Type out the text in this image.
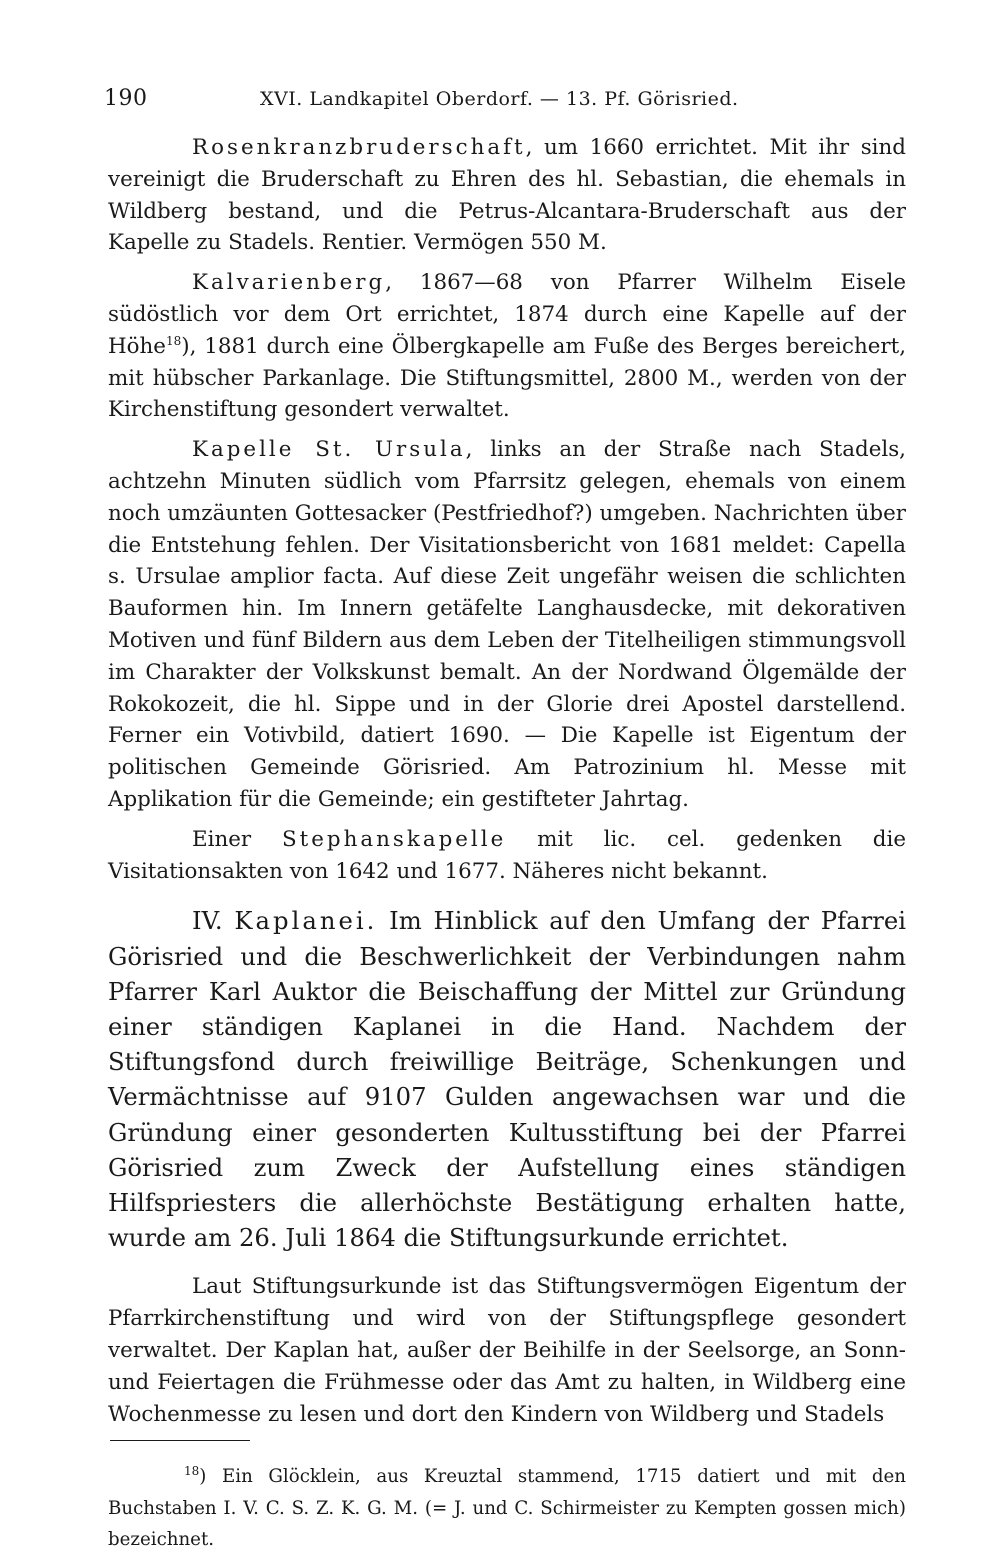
190	XVI. Landkapitel Oberdorf. — 13. Pf. Görisried.

Rosenkranzbruderschaft, um 1660 errichtet. Mit ihr sind vereinigt die Bruderschaft zu Ehren des hl. Sebastian, die ehemals in Wildberg bestand, und die Petrus-Alcantara-Bruderschaft aus der Kapelle zu Stadels. Rentier. Vermögen 550 M.

Kalvarienberg, 1867—68 von Pfarrer Wilhelm Eisele südöstlich vor dem Ort errichtet, 1874 durch eine Kapelle auf der Höhe$^{18}$), 1881 durch eine Ölbergkapelle am Fuße des Berges bereichert, mit hübscher Parkanlage. Die Stiftungsmittel, 2800 M., werden von der Kirchenstiftung gesondert verwaltet.

Kapelle St. Ursula, links an der Straße nach Stadels, achtzehn Minuten südlich vom Pfarrsitz gelegen, ehemals von einem noch umzäunten Gottesacker (Pestfriedhof?) umgeben. Nachrichten über die Entstehung fehlen. Der Visitationsbericht von 1681 meldet: Capella s. Ursulae amplior facta. Auf diese Zeit ungefähr weisen die schlichten Bauformen hin. Im Innern getäfelte Langhausdecke, mit dekorativen Motiven und fünf Bildern aus dem Leben der Titelheiligen stimmungsvoll im Charakter der Volkskunst bemalt. An der Nordwand Ölgemälde der Rokokozeit, die hl. Sippe und in der Glorie drei Apostel darstellend. Ferner ein Votivbild, datiert 1690. — Die Kapelle ist Eigentum der politischen Gemeinde Görisried. Am Patrozinium hl. Messe mit Applikation für die Gemeinde; ein gestifteter Jahrtag.

Einer Stephanskapelle mit lic. cel. gedenken die Visitationsakten von 1642 und 1677. Näheres nicht bekannt.

IV. Kaplanei. Im Hinblick auf den Umfang der Pfarrei Görisried und die Beschwerlichkeit der Verbindungen nahm Pfarrer Karl Auktor die Beischaffung der Mittel zur Gründung einer ständigen Kaplanei in die Hand. Nachdem der Stiftungsfond durch freiwillige Beiträge, Schenkungen und Vermächtnisse auf 9107 Gulden angewachsen war und die Gründung einer gesonderten Kultusstiftung bei der Pfarrei Görisried zum Zweck der Aufstellung eines ständigen Hilfspriesters die allerhöchste Bestätigung erhalten hatte, wurde am 26. Juli 1864 die Stiftungsurkunde errichtet.

Laut Stiftungsurkunde ist das Stiftungsvermögen Eigentum der Pfarrkirchenstiftung und wird von der Stiftungspflege gesondert verwaltet. Der Kaplan hat, außer der Beihilfe in der Seelsorge, an Sonn- und Feiertagen die Frühmesse oder das Amt zu halten, in Wildberg eine Wochenmesse zu lesen und dort den Kindern von Wildberg und Stadels

$^{18}$) Ein Glöcklein, aus Kreuztal stammend, 1715 datiert und mit den Buchstaben I. V. C. S. Z. K. G. M. (= J. und C. Schirmeister zu Kempten gossen mich) bezeichnet.
